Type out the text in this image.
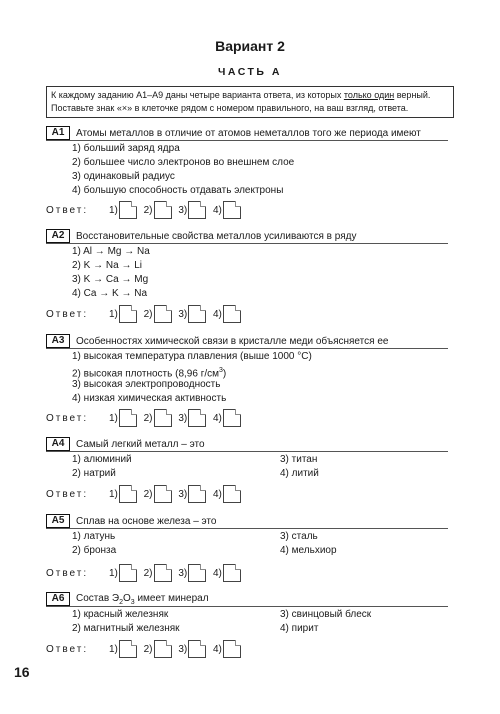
Вариант 2
ЧАСТЬ А
К каждому заданию А1–А9 даны четыре варианта ответа, из которых только один верный. Поставьте знак «×» в клеточке рядом с номером правильного, на ваш взгляд, ответа.
А1 Атомы металлов в отличие от атомов неметаллов того же периода имеют
1) больший заряд ядра
2) большее число электронов во внешнем слое
3) одинаковый радиус
4) большую способность отдавать электроны
Ответ: 1)	2)	3)	4)
А2 Восстановительные свойства металлов усиливаются в ряду
1) Al → Mg → Na
2) K → Na → Li
3) K → Ca → Mg
4) Ca → K → Na
Ответ: 1)	2)	3)	4)
А3 Особенностях химической связи в кристалле меди объясняется ее
1) высокая температура плавления (выше 1000 °С)
2) высокая плотность (8,96 $г/см^3$)
3) высокая электропроводность
4) низкая химическая активность
Ответ: 1)	2)	3)	4)
А4 Самый легкий металл – это
1) алюминий
2) натрий
3) титан
4) литий
Ответ: 1)	2)	3)	4)
А5 Сплав на основе железа – это
1) латунь
2) бронза
3) сталь
4) мельхиор
Ответ: 1)	2)	3)	4)
А6 Состав $Э_2O_3$ имеет минерал
1) красный железняк
2) магнитный железняк
3) свинцовый блеск
4) пирит
Ответ: 1)	2)	3)	4)
16
